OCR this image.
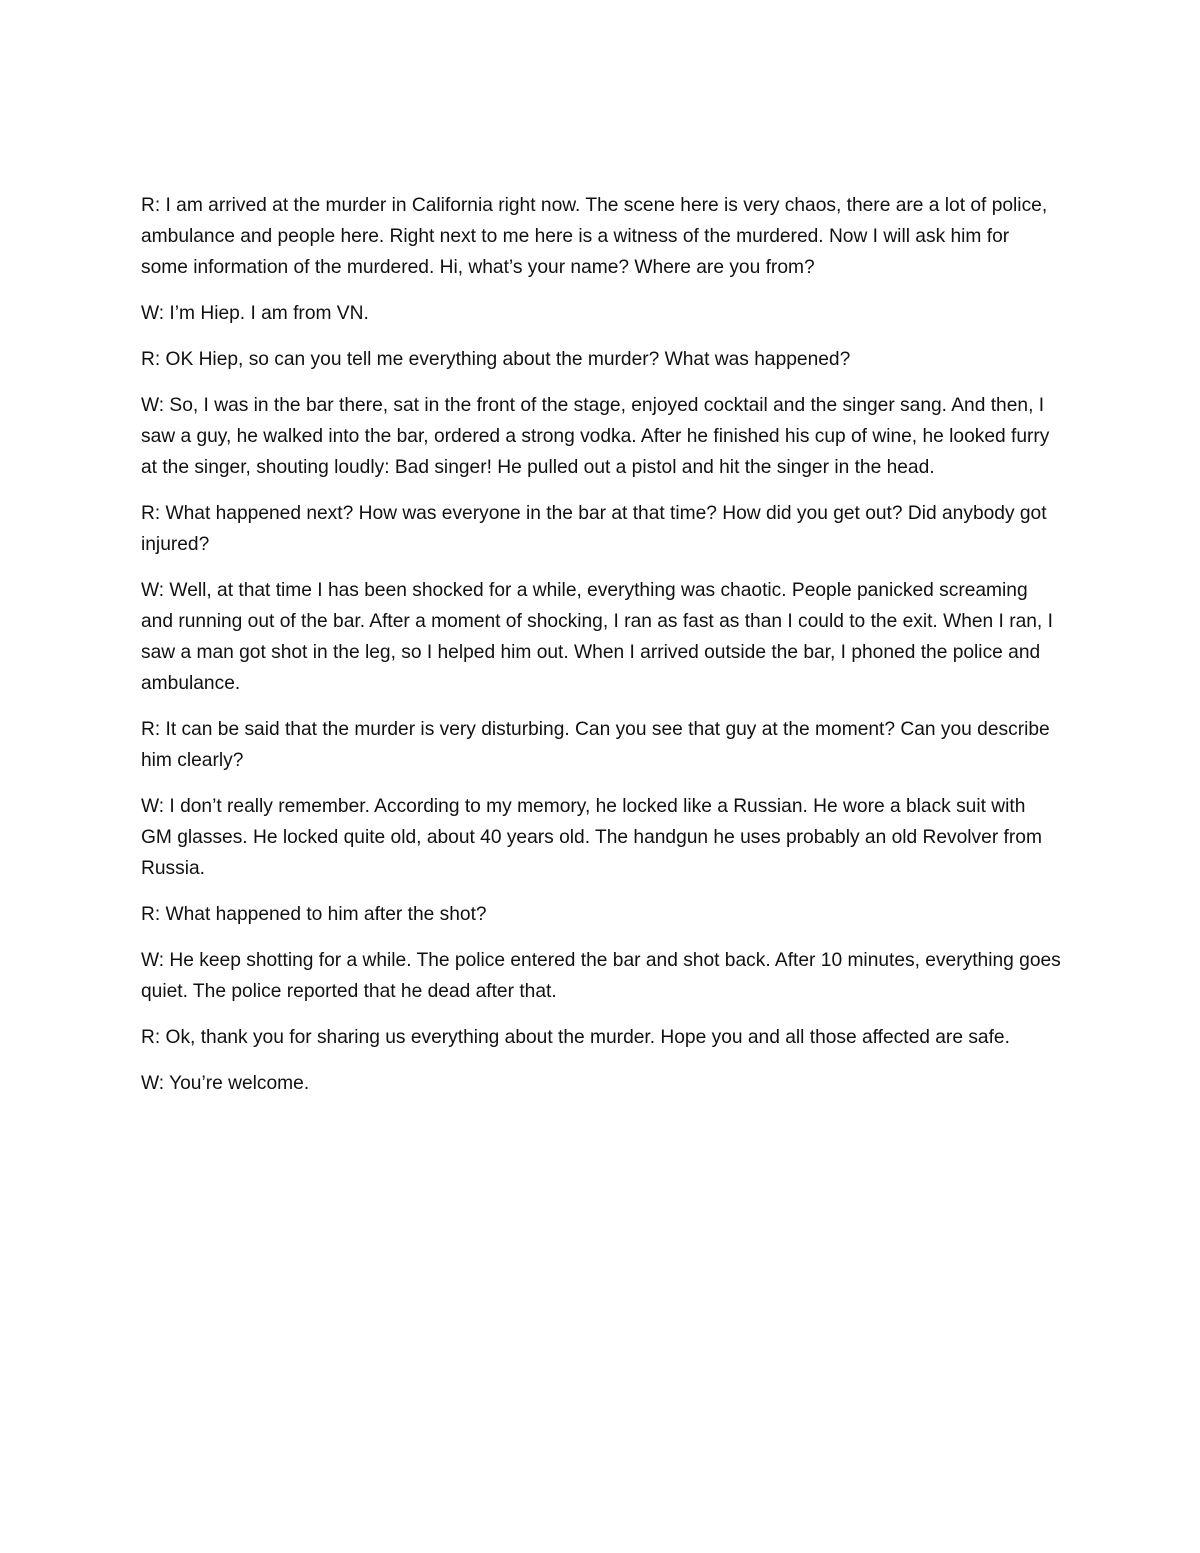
R: I am arrived at the murder in California right now. The scene here is very chaos, there are a lot of police, ambulance and people here. Right next to me here is a witness of the murdered. Now I will ask him for some information of the murdered. Hi, what’s your name? Where are you from?

W: I’m Hiep. I am from VN.

R: OK Hiep, so can you tell me everything about the murder? What was happened?

W: So, I was in the bar there, sat in the front of the stage, enjoyed cocktail and the singer sang. And then, I saw a guy, he walked into the bar, ordered a strong vodka. After he finished his cup of wine, he looked furry at the singer, shouting loudly: Bad singer! He pulled out a pistol and hit the singer in the head.

R: What happened next? How was everyone in the bar at that time? How did you get out? Did anybody got injured?

W: Well, at that time I has been shocked for a while, everything was chaotic. People panicked screaming and running out of the bar. After a moment of shocking, I ran as fast as than I could to the exit. When I ran, I saw a man got shot in the leg, so I helped him out. When I arrived outside the bar, I phoned the police and ambulance.

R: It can be said that the murder is very disturbing. Can you see that guy at the moment? Can you describe him clearly?

W: I don’t really remember. According to my memory, he locked like a Russian. He wore a black suit with GM glasses. He locked quite old, about 40 years old. The handgun he uses probably an old Revolver from Russia.

R: What happened to him after the shot?

W: He keep shotting for a while. The police entered the bar and shot back. After 10 minutes, everything goes quiet. The police reported that he dead after that.

R: Ok, thank you for sharing us everything about the murder. Hope you and all those affected are safe.

W: You’re welcome.
